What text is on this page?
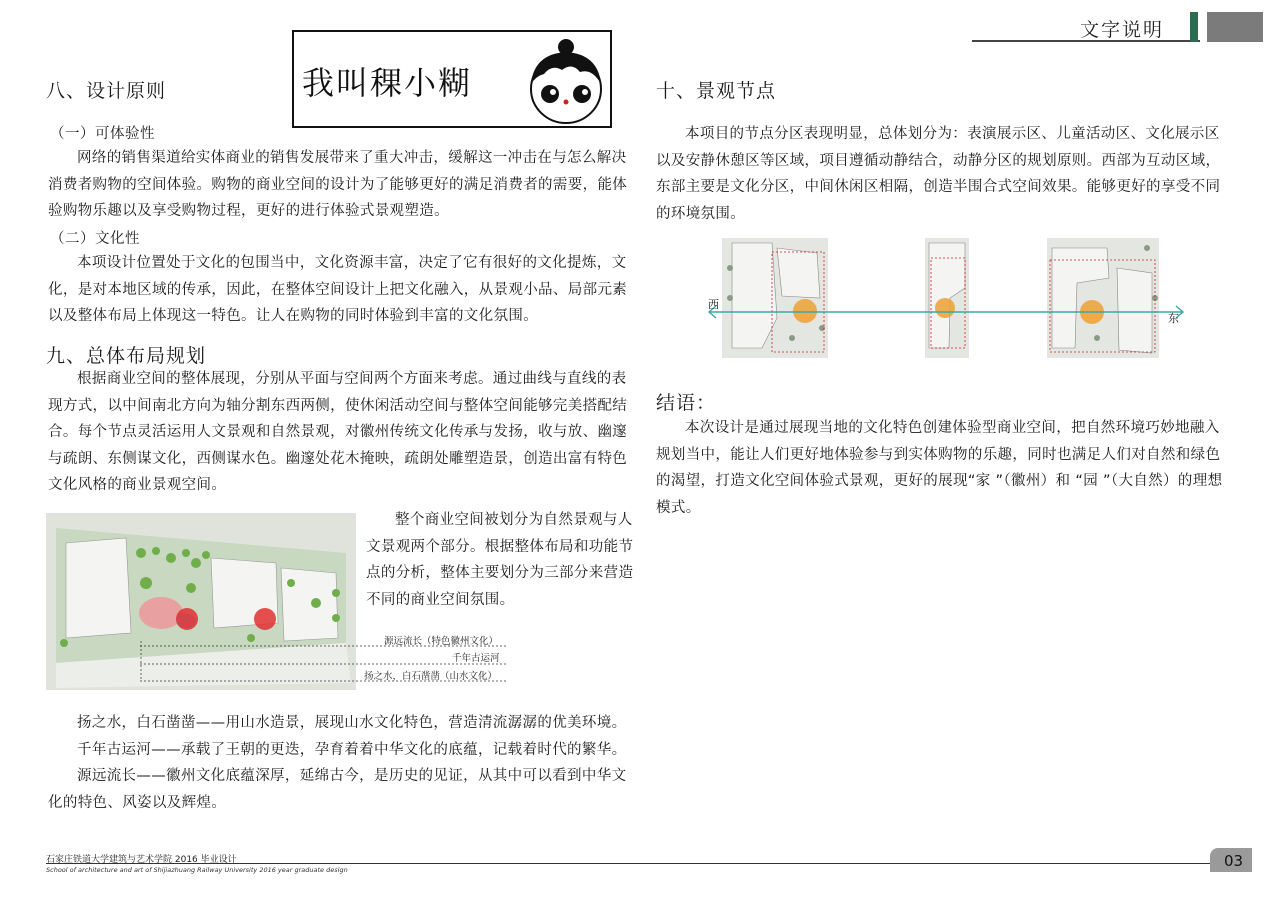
文字说明
我叫稞小糊
八、设计原则
（一）可体验性

网络的销售渠道给实体商业的销售发展带来了重大冲击，缓解这一冲击在与怎么解决消费者购物的空间体验。购物的商业空间的设计为了能够更好的满足消费者的需要，能体验购物乐趣以及享受购物过程，更好的进行体验式景观塑造。

（二）文化性

本项设计位置处于文化的包围当中，文化资源丰富，决定了它有很好的文化提炼，文化，是对本地区域的传承，因此，在整体空间设计上把文化融入，从景观小品、局部元素以及整体布局上体现这一特色。让人在购物的同时体验到丰富的文化氛围。

九、总体布局规划

根据商业空间的整体展现，分别从平面与空间两个方面来考虑。通过曲线与直线的表现方式，以中间南北方向为轴分割东西两侧，使休闲活动空间与整体空间能够完美搭配结合。每个节点灵活运用人文景观和自然景观，对徽州传统文化传承与发扬，收与放、幽邃与疏朗、东侧谋文化，西侧谋水色。幽邃处花木掩映，疏朗处雕塑造景，创造出富有特色文化风格的商业景观空间。

源远流长（特色徽州文化）
千年古运河
扬之水，白石凿凿（山水文化）

整个商业空间被划分为自然景观与人文景观两个部分。根据整体布局和功能节点的分析，整体主要划分为三部分来营造不同的商业空间氛围。

扬之水，白石凿凿——用山水造景，展现山水文化特色，营造清流潺潺的优美环境。

千年古运河——承载了王朝的更迭，孕育着着中华文化的底蕴，记载着时代的繁华。

源远流长——徽州文化底蕴深厚，延绵古今，是历史的见证，从其中可以看到中华文化的特色、风姿以及辉煌。

十、景观节点

本项目的节点分区表现明显，总体划分为：表演展示区、儿童活动区、文化展示区以及安静休憩区等区域，项目遵循动静结合，动静分区的规划原则。西部为互动区域，东部主要是文化分区，中间休闲区相隔，创造半围合式空间效果。能够更好的享受不同的环境氛围。

西
东
结语：

本次设计是通过展现当地的文化特色创建体验型商业空间，把自然环境巧妙地融入规划当中，能让人们更好地体验参与到实体购物的乐趣，同时也满足人们对自然和绿色的渴望，打造文化空间体验式景观，更好的展现“家 ”（徽州）和 “园 ”（大自然）的理想模式。

石家庄铁道大学建筑与艺术学院 2016 毕业设计
School of architecture and art of Shijiazhuang Railway University 2016 year graduate design	03
